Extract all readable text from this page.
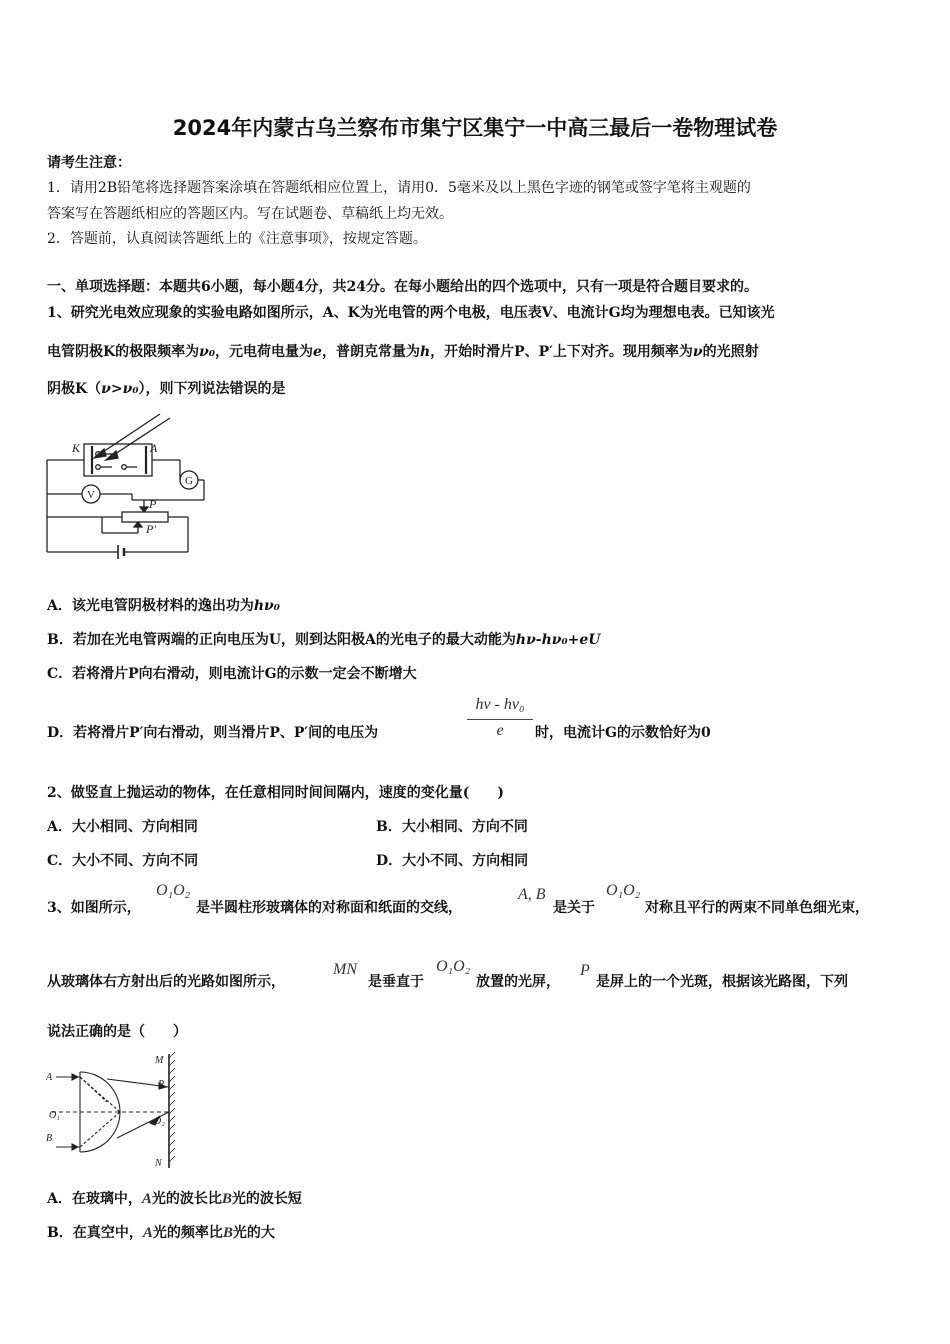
2024年内蒙古乌兰察布市集宁区集宁一中高三最后一卷物理试卷
请考生注意：
1．请用2B铅笔将选择题答案涂填在答题纸相应位置上，请用0．5毫米及以上黑色字迹的钢笔或签字笔将主观题的
答案写在答题纸相应的答题区内。写在试题卷、草稿纸上均无效。
2．答题前，认真阅读答题纸上的《注意事项》，按规定答题。
一、单项选择题：本题共6小题，每小题4分，共24分。在每小题给出的四个选项中，只有一项是符合题目要求的。
1、研究光电效应现象的实验电路如图所示，A、K为光电管的两个电极，电压表V、电流计G均为理想电表。已知该光
电管阴极K的极限频率为ν₀，元电荷电量为e，普朗克常量为h，开始时滑片P、P′上下对齐。现用频率为ν的光照射
阴极K（ν>ν₀），则下列说法错误的是
K	A
G
V
P
P′
A．该光电管阴极材料的逸出功为hν₀
B．若加在光电管两端的正向电压为U，则到达阳极A的光电子的最大动能为hν-hν₀+eU
C．若将滑片P向右滑动，则电流计G的示数一定会不断增大
D．若将滑片P′向右滑动，则当滑片P、P′间的电压为
hν - hν₀
e	时，电流计G的示数恰好为0
2、做竖直上抛运动的物体，在任意相同时间间隔内，速度的变化量(　　)
A．大小相同、方向相同	B．大小相同、方向不同
C．大小不同、方向不同	D．大小不同、方向相同
3、如图所示，
O₁O₂
是半圆柱形玻璃体的对称面和纸面的交线，
A, B
是关于
O₁O₂
对称且平行的两束不同单色细光束，
从玻璃体右方射出后的光路如图所示，
MN
是垂直于
O₁O₂
放置的光屏，
P
是屏上的一个光斑，根据该光路图，下列
说法正确的是（　　）
M
P
O₂
O₁
A
B
N
A．在玻璃中，A光的波长比B光的波长短
B．在真空中，A光的频率比B光的大
